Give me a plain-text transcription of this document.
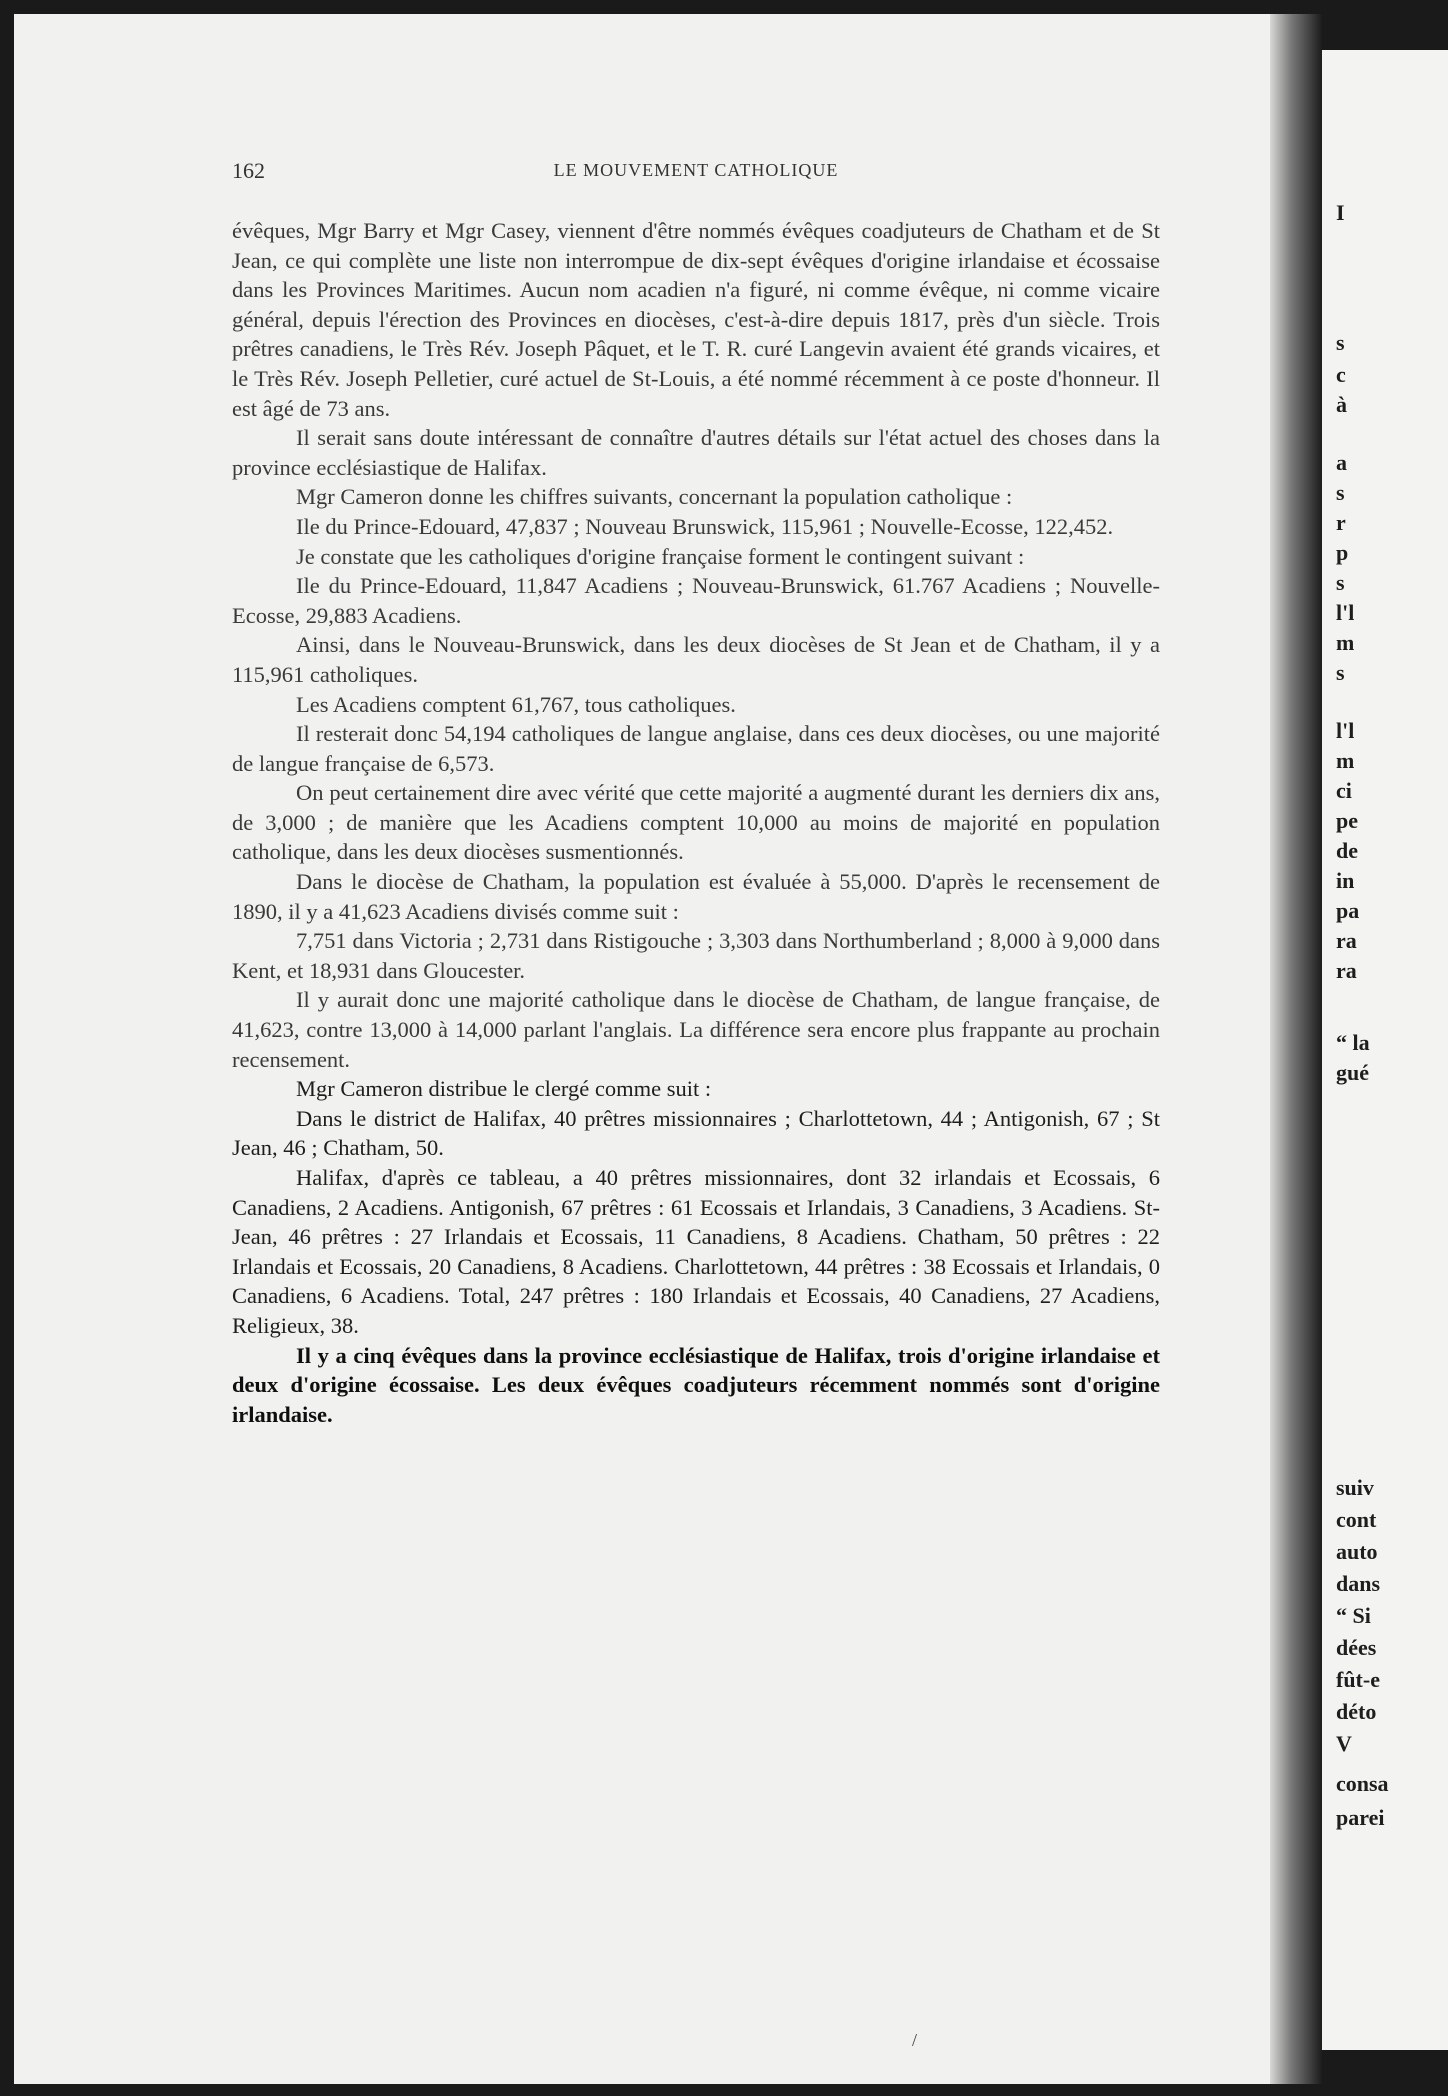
I
s
c
à
a
s
r
p
s
l'l
m
s
l'l
m
ci
pe
de
in
pa
ra
ra
“ la
gué
suiv
cont
auto
dans
“ Si
dées
fût-e
déto
V
consa
parei
162	LE MOUVEMENT CATHOLIQUE

évêques, Mgr Barry et Mgr Casey, viennent d'être nommés évêques coadjuteurs de Chatham et de St Jean, ce qui complète une liste non interrompue de dix-sept évêques d'origine irlandaise et écossaise dans les Provinces Maritimes. Aucun nom acadien n'a figuré, ni comme évêque, ni comme vicaire général, depuis l'érection des Provinces en diocèses, c'est-à-dire depuis 1817, près d'un siècle. Trois prêtres canadiens, le Très Rév. Joseph Pâquet, et le T. R. curé Langevin avaient été grands vicaires, et le Très Rév. Joseph Pelletier, curé actuel de St-Louis, a été nommé récemment à ce poste d'honneur. Il est âgé de 73 ans.

Il serait sans doute intéressant de connaître d'autres détails sur l'état actuel des choses dans la province ecclésiastique de Halifax.

Mgr Cameron donne les chiffres suivants, concernant la population catholique :

Ile du Prince-Edouard, 47,837 ; Nouveau Brunswick, 115,961 ; Nouvelle-Ecosse, 122,452.

Je constate que les catholiques d'origine française forment le contingent suivant :

Ile du Prince-Edouard, 11,847 Acadiens ; Nouveau-Brunswick, 61.767 Acadiens ; Nouvelle-Ecosse, 29,883 Acadiens.

Ainsi, dans le Nouveau-Brunswick, dans les deux diocèses de St Jean et de Chatham, il y a 115,961 catholiques.

Les Acadiens comptent 61,767, tous catholiques.

Il resterait donc 54,194 catholiques de langue anglaise, dans ces deux diocèses, ou une majorité de langue française de 6,573.

On peut certainement dire avec vérité que cette majorité a augmenté durant les derniers dix ans, de 3,000 ; de manière que les Acadiens comptent 10,000 au moins de majorité en population catholique, dans les deux diocèses susmentionnés.

Dans le diocèse de Chatham, la population est évaluée à 55,000. D'après le recensement de 1890, il y a 41,623 Acadiens divisés comme suit :

7,751 dans Victoria ; 2,731 dans Ristigouche ; 3,303 dans Northumberland ; 8,000 à 9,000 dans Kent, et 18,931 dans Gloucester.

Il y aurait donc une majorité catholique dans le diocèse de Chatham, de langue française, de 41,623, contre 13,000 à 14,000 parlant l'anglais. La différence sera encore plus frappante au prochain recensement.

Mgr Cameron distribue le clergé comme suit :

Dans le district de Halifax, 40 prêtres missionnaires ; Charlottetown, 44 ; Antigonish, 67 ; St Jean, 46 ; Chatham, 50.

Halifax, d'après ce tableau, a 40 prêtres missionnaires, dont 32 irlandais et Ecossais, 6 Canadiens, 2 Acadiens. Antigonish, 67 prêtres : 61 Ecossais et Irlandais, 3 Canadiens, 3 Acadiens. St-Jean, 46 prêtres : 27 Irlandais et Ecossais, 11 Canadiens, 8 Acadiens. Chatham, 50 prêtres : 22 Irlandais et Ecossais, 20 Canadiens, 8 Acadiens. Charlottetown, 44 prêtres : 38 Ecossais et Irlandais, 0 Canadiens, 6 Acadiens. Total, 247 prêtres : 180 Irlandais et Ecossais, 40 Canadiens, 27 Acadiens, Religieux, 38.

Il y a cinq évêques dans la province ecclésiastique de Halifax, trois d'origine irlandaise et deux d'origine écossaise. Les deux évêques coadjuteurs récemment nommés sont d'origine irlandaise.

/
